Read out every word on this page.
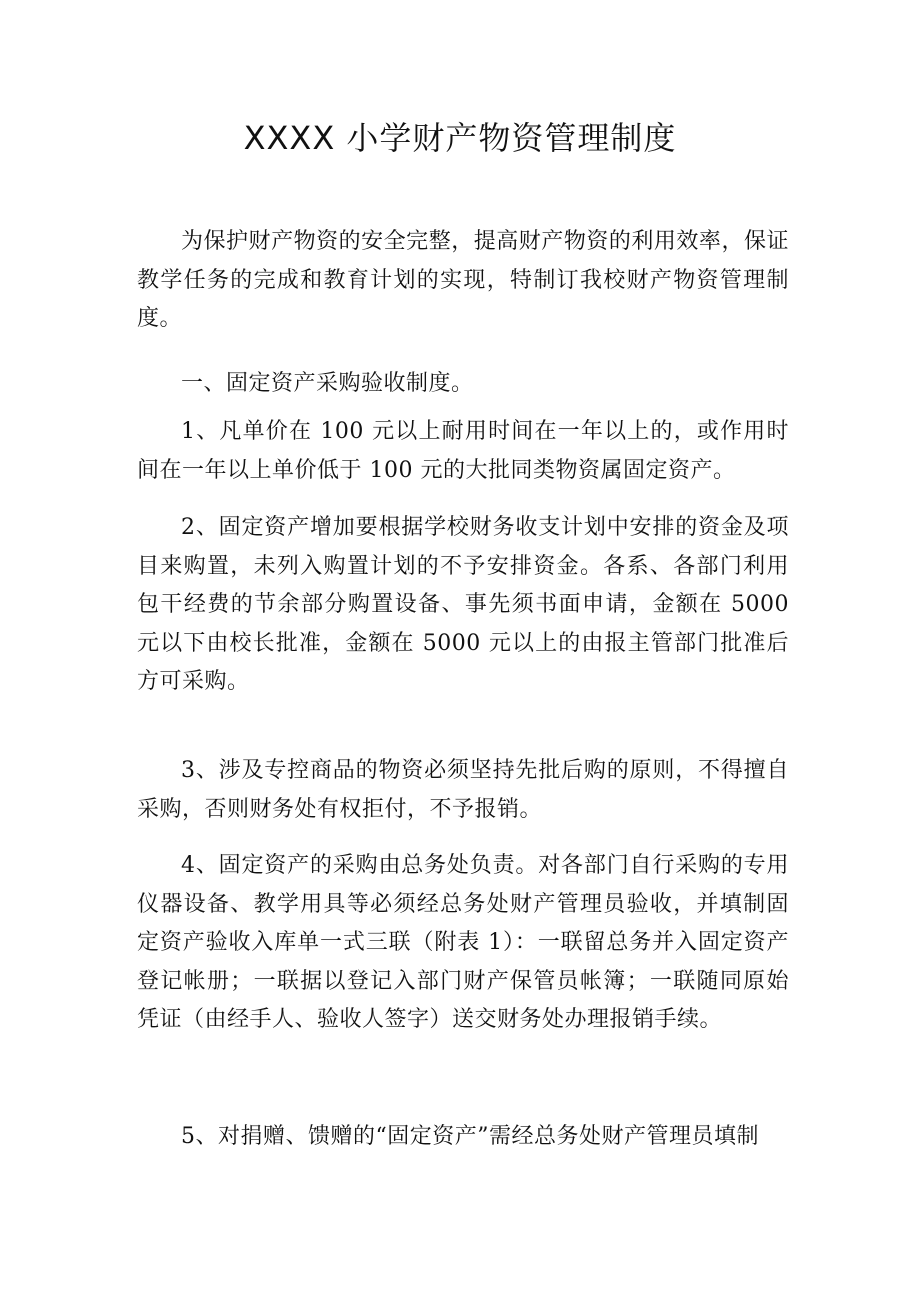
XXXX 小学财产物资管理制度

为保护财产物资的安全完整，提高财产物资的利用效率，保证教学任务的完成和教育计划的实现，特制订我校财产物资管理制度。

一、固定资产采购验收制度。

1、凡单价在 100 元以上耐用时间在一年以上的，或作用时间在一年以上单价低于 100 元的大批同类物资属固定资产。

2、固定资产增加要根据学校财务收支计划中安排的资金及项目来购置，未列入购置计划的不予安排资金。各系、各部门利用包干经费的节余部分购置设备、事先须书面申请，金额在 5000 元以下由校长批准，金额在 5000 元以上的由报主管部门批准后方可采购。

3、涉及专控商品的物资必须坚持先批后购的原则，不得擅自采购，否则财务处有权拒付，不予报销。

4、固定资产的采购由总务处负责。对各部门自行采购的专用仪器设备、教学用具等必须经总务处财产管理员验收，并填制固定资产验收入库单一式三联（附表 1）：一联留总务并入固定资产登记帐册；一联据以登记入部门财产保管员帐簿；一联随同原始凭证（由经手人、验收人签字）送交财务处办理报销手续。

5、对捐赠、馈赠的“固定资产”需经总务处财产管理员填制
